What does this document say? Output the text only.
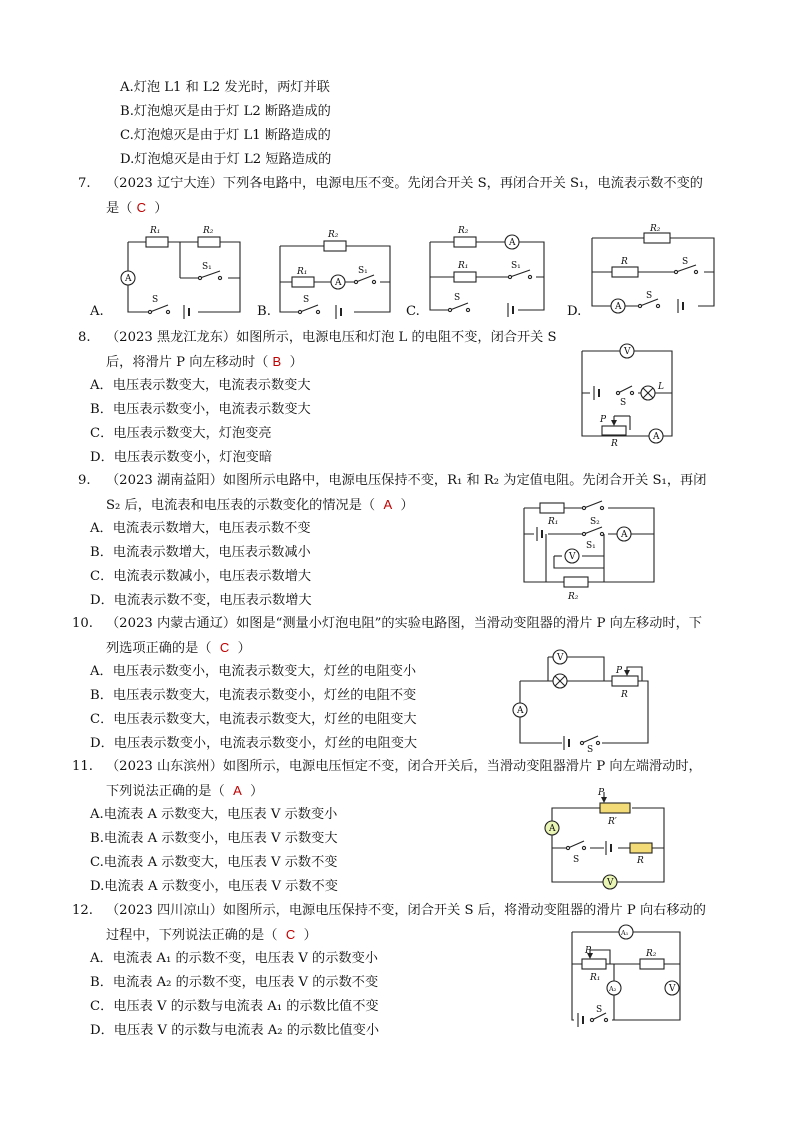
A.灯泡 L1 和 L2 发光时，两灯并联
B.灯泡熄灭是由于灯 L2 断路造成的
C.灯泡熄灭是由于灯 L1 断路造成的
D.灯泡熄灭是由于灯 L2 短路造成的
7. （2023 辽宁大连）下列各电路中，电源电压不变。先闭合开关 S，再闭合开关 S₁，电流表示数不变的
是（ C ）
A.	B.	C.	D.
R₁	R₂
S₁
A
S
R₂
R₁
A
S₁
S
R₂
A
R₁	S₁
S
R₂
R	S
A
S
8. （2023 黑龙江龙东）如图所示，电源电压和灯泡 L 的电阻不变，闭合开关 S
后，将滑片 P 向左移动时（ B ）
A．电压表示数变大，电流表示数变大
B．电压表示数变小，电流表示数变大
C．电压表示数变大，灯泡变亮
D．电压表示数变小，灯泡变暗
V
L
S
P
R
A
9. （2023 湖南益阳）如图所示电路中，电源电压保持不变，R₁ 和 R₂ 为定值电阻。先闭合开关 S₁，再闭
S₂ 后，电流表和电压表的示数变化的情况是（ A ）
A．电流表示数增大，电压表示数不变
B．电流表示数增大，电压表示数减小
C．电流表示数减小，电压表示数增大
D．电流表示数不变，电压表示数增大
R₁	S₂
A
S₁
V
R₂
10. （2023 内蒙古通辽）如图是“测量小灯泡电阻”的实验电路图，当滑动变阻器的滑片 P 向左移动时，下
列选项正确的是（ C ）
A．电压表示数变小，电流表示数变大，灯丝的电阻变小
B．电压表示数变大，电流表示数变小，灯丝的电阻不变
C．电压表示数变大，电流表示数变大，灯丝的电阻变大
D．电压表示数变小，电流表示数变小，灯丝的电阻变大
V
P
R
A
S
11. （2023 山东滨州）如图所示，电源电压恒定不变，闭合开关后，当滑动变阻器滑片 P 向左端滑动时，
下列说法正确的是（ A ）
A.电流表 A 示数变大，电压表 V 示数变小
B.电流表 A 示数变小，电压表 V 示数变大
C.电流表 A 示数变大，电压表 V 示数不变
D.电流表 A 示数变小，电压表 V 示数不变
P
R′
A
S	R
V
12. （2023 四川凉山）如图所示，电源电压保持不变，闭合开关 S 后，将滑动变阻器的滑片 P 向右移动的
过程中，下列说法正确的是（ C ）
A．电流表 A₁ 的示数不变，电压表 V 的示数变小
B．电流表 A₂ 的示数不变，电压表 V 的示数不变
C．电压表 V 的示数与电流表 A₁ 的示数比值不变
D．电压表 V 的示数与电流表 A₂ 的示数比值变小
A₁
P	R₂
R₁
A₂	V
S
